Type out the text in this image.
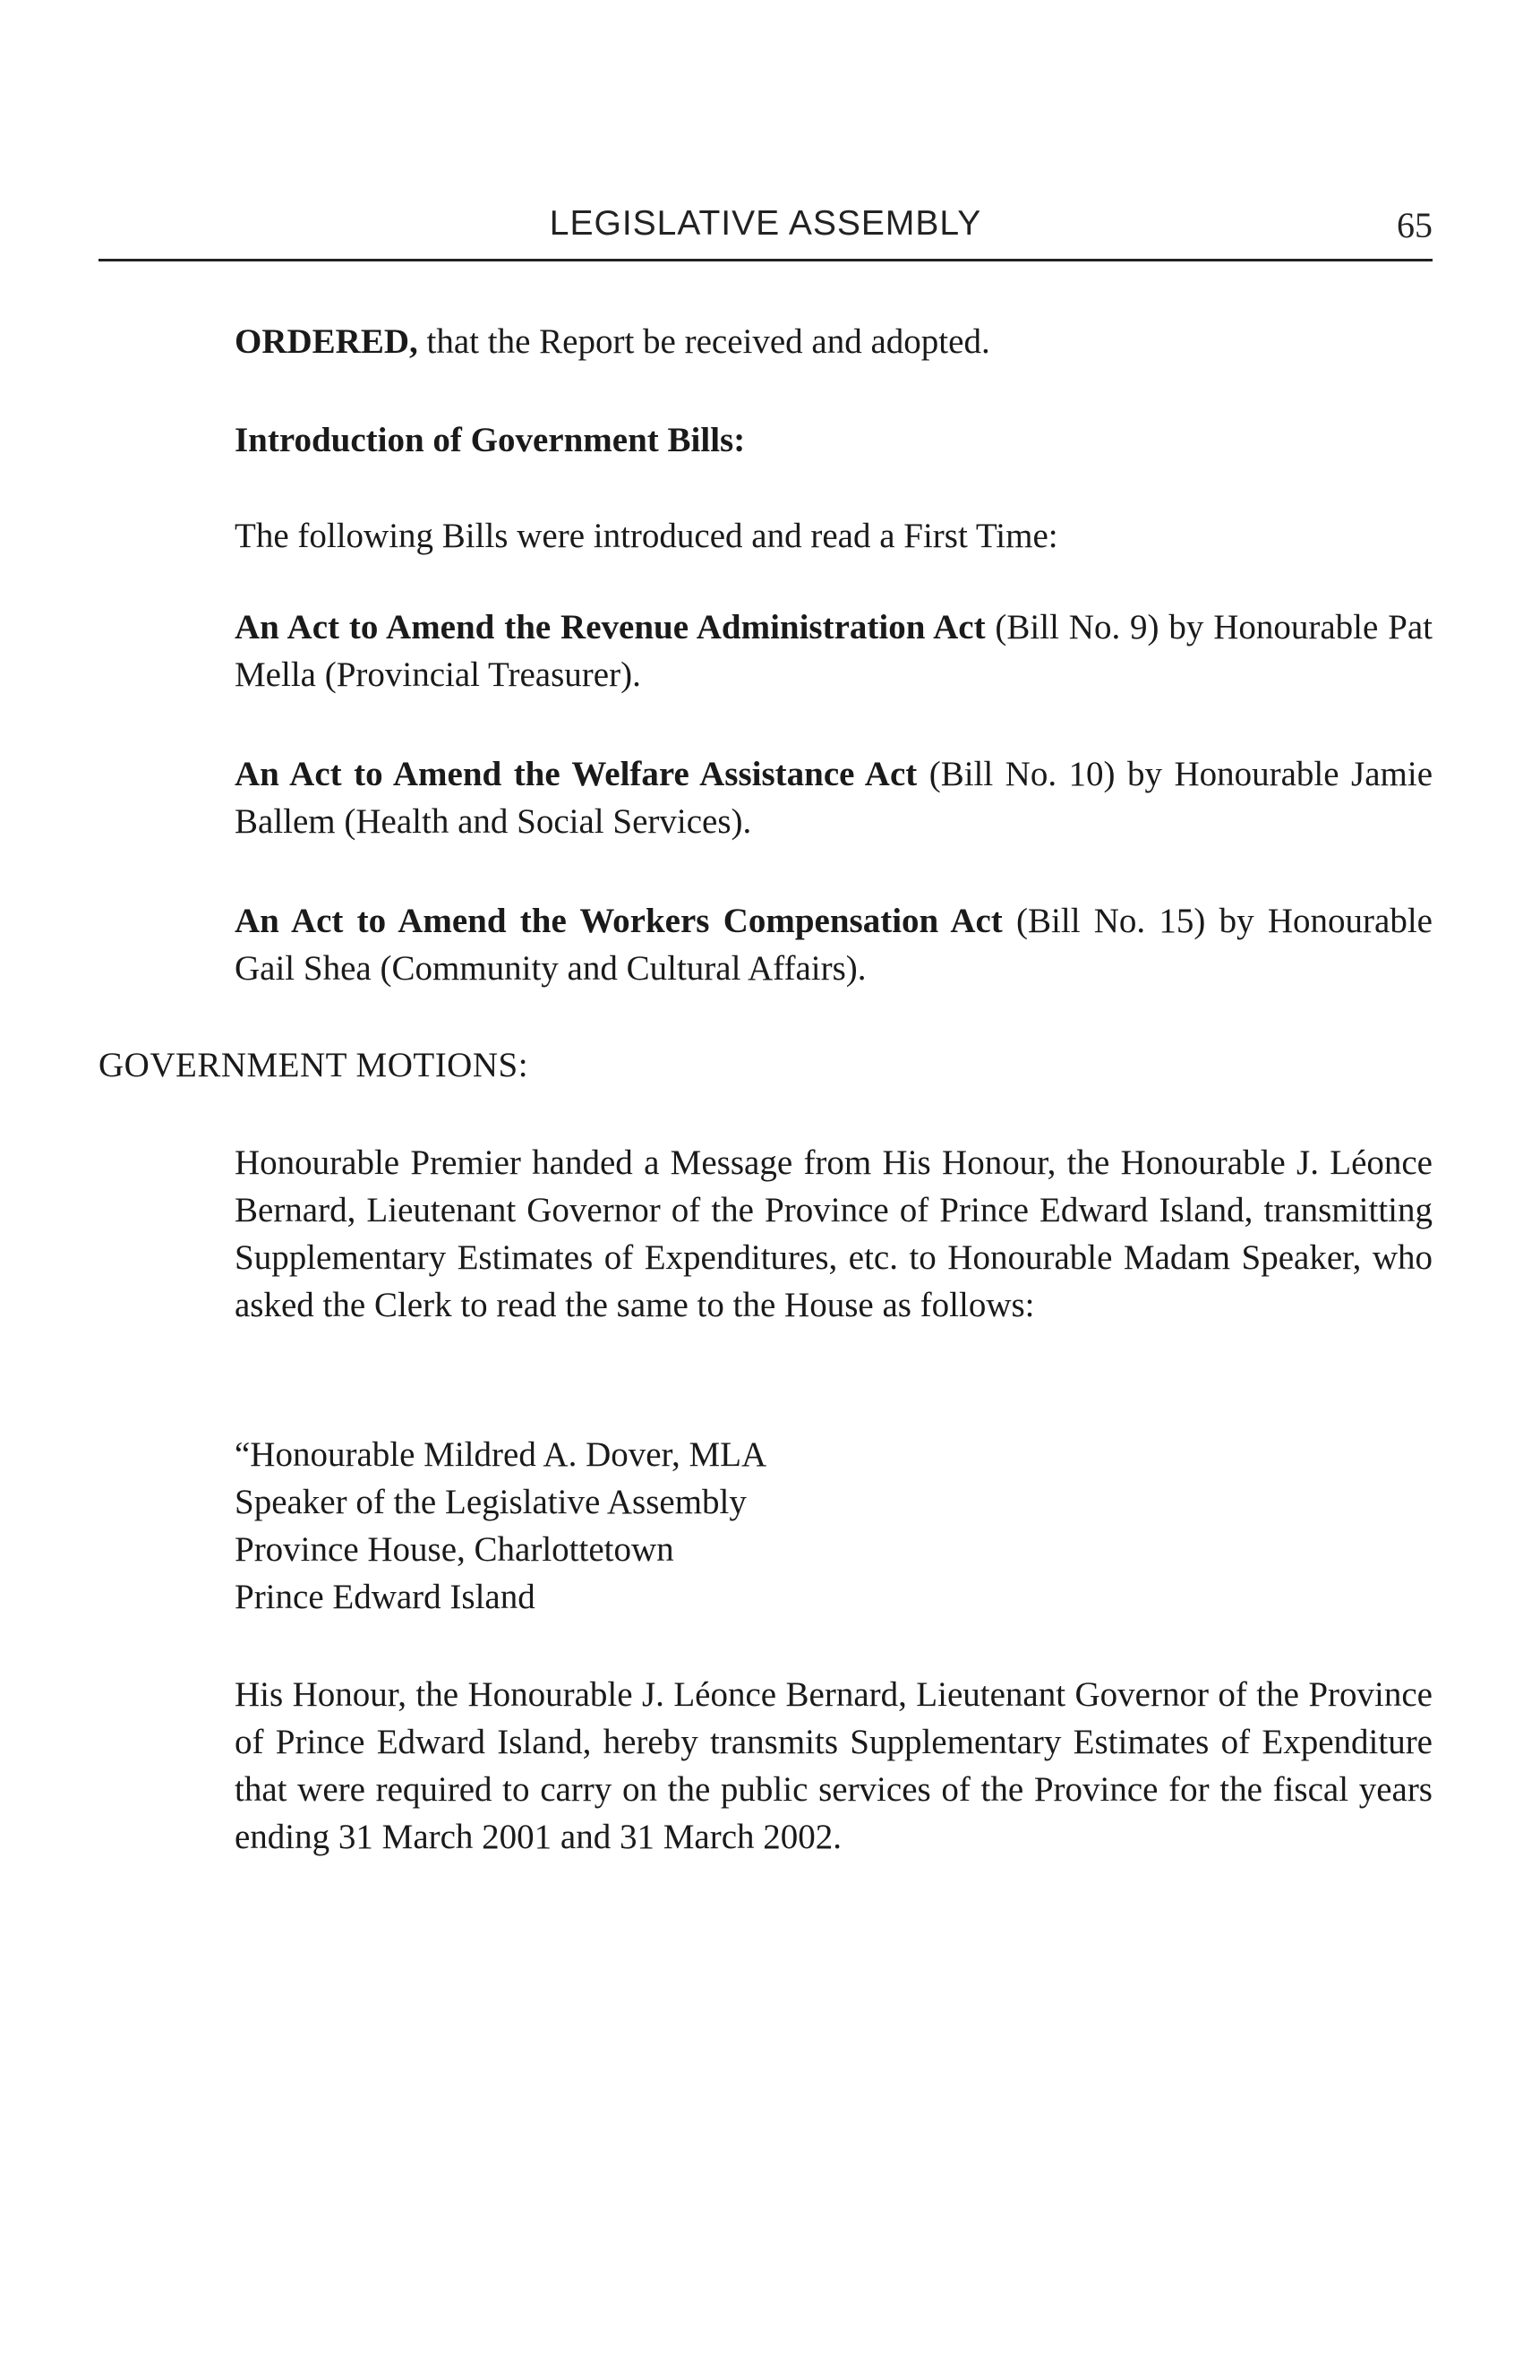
LEGISLATIVE ASSEMBLY	65
ORDERED, that the Report be received and adopted.
Introduction of Government Bills:
The following Bills were introduced and read a First Time:
An Act to Amend the Revenue Administration Act (Bill No. 9) by Honourable Pat Mella (Provincial Treasurer).
An Act to Amend the Welfare Assistance Act (Bill No. 10) by Honourable Jamie Ballem (Health and Social Services).
An Act to Amend the Workers Compensation Act (Bill No. 15) by Honourable Gail Shea (Community and Cultural Affairs).
GOVERNMENT MOTIONS:
Honourable Premier handed a Message from His Honour, the Honourable J. Léonce Bernard, Lieutenant Governor of the Province of Prince Edward Island, transmitting Supplementary Estimates of Expenditures, etc. to Honourable Madam Speaker, who asked the Clerk to read the same to the House as follows:
“Honourable Mildred A. Dover, MLA
Speaker of the Legislative Assembly
Province House, Charlottetown
Prince Edward Island
His Honour, the Honourable J. Léonce Bernard, Lieutenant Governor of the Province of Prince Edward Island, hereby transmits Supplementary Estimates of Expenditure that were required to carry on the public services of the Province for the fiscal years ending 31 March 2001 and 31 March 2002.
